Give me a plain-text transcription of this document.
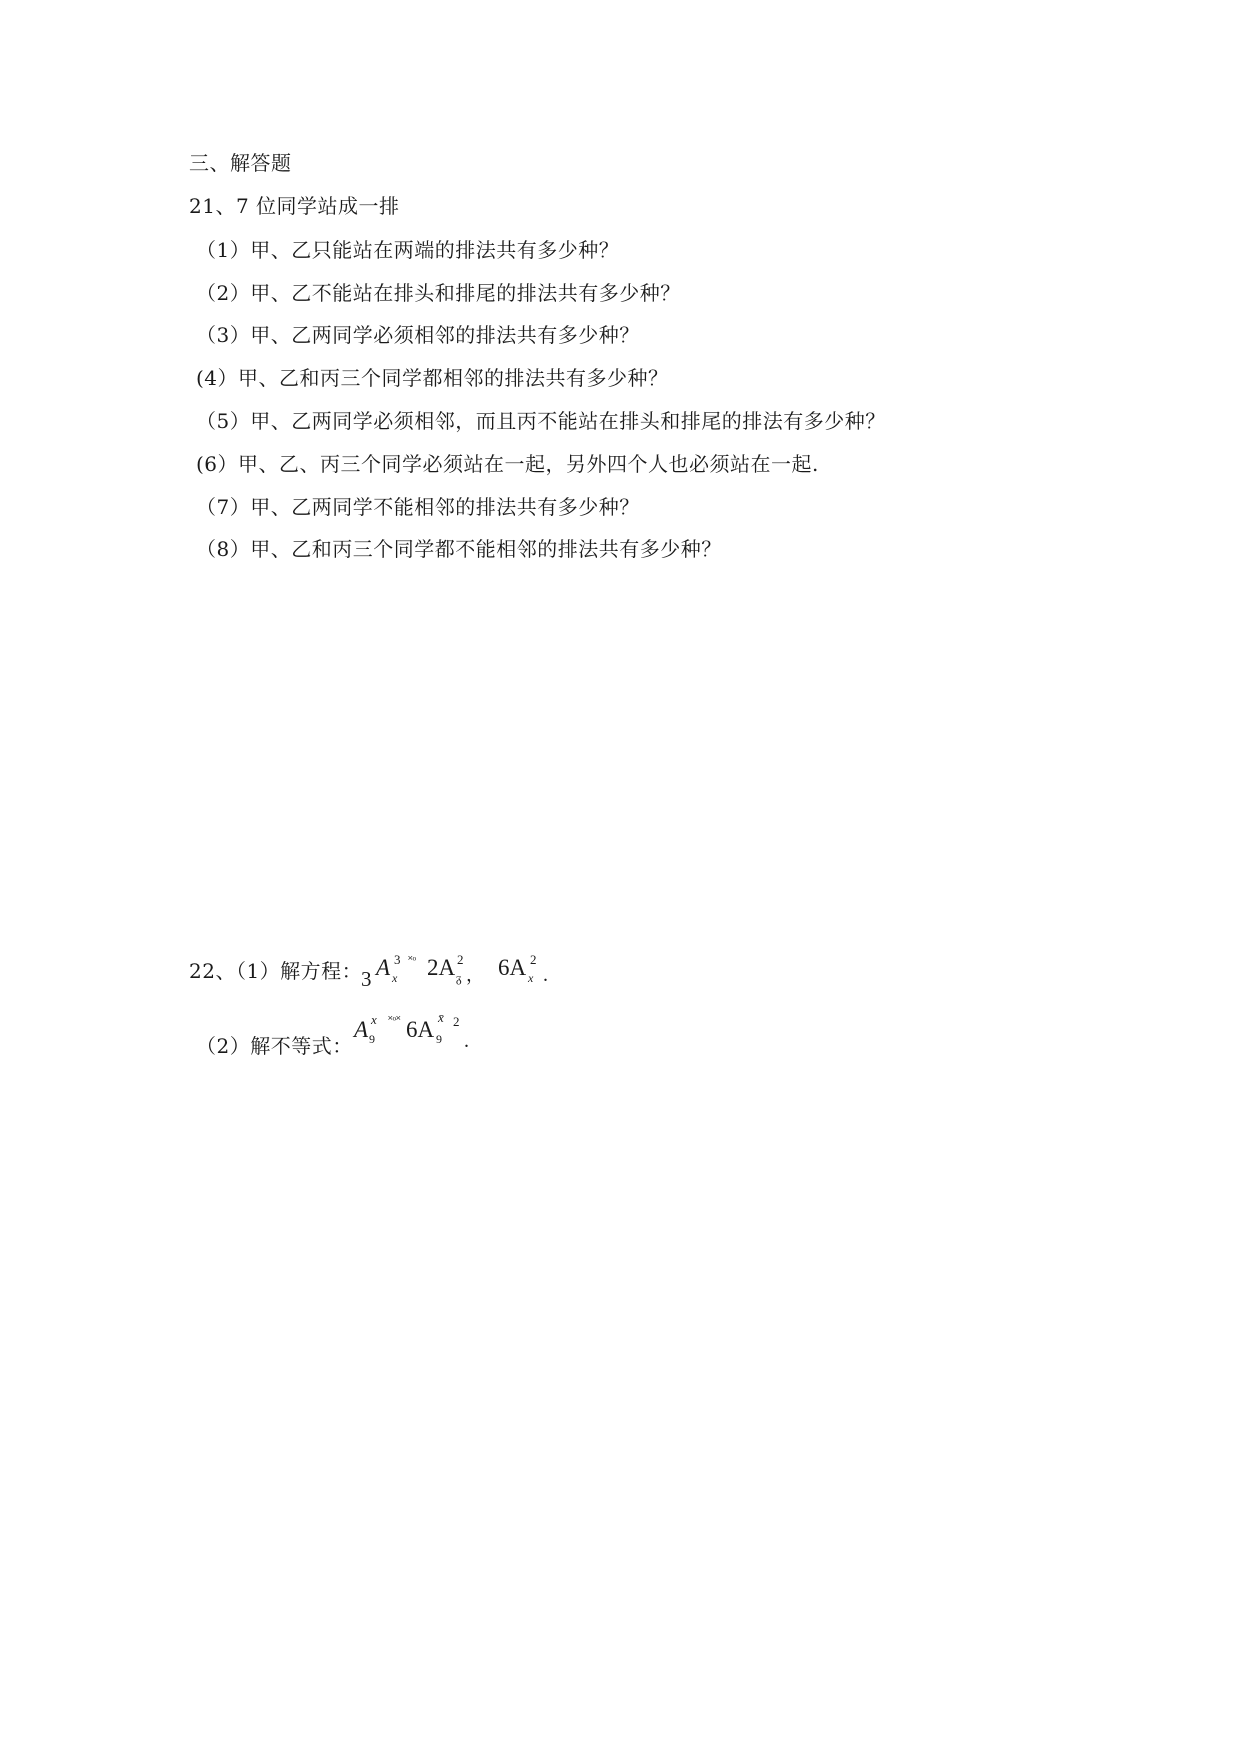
三、解答题
21、7 位同学站成一排
（1）甲、乙只能站在两端的排法共有多少种？
（2）甲、乙不能站在排头和排尾的排法共有多少种？
（3）甲、乙两同学必须相邻的排法共有多少种？
(4）甲、乙和丙三个同学都相邻的排法共有多少种？
（5）甲、乙两同学必须相邻，而且丙不能站在排头和排尾的排法有多少种？
(6）甲、乙、丙三个同学必须站在一起，另外四个人也必须站在一起.
（7）甲、乙两同学不能相邻的排法共有多少种？
（8）甲、乙和丙三个同学都不能相邻的排法共有多少种？
22、（1）解方程：
3 A 3
x
˟ᵒ 2A 2
ᵹ ， 6A 2
x .
（2）解不等式：
A x
9
˟ᵒ˟ 6A x̄
9
2
.
